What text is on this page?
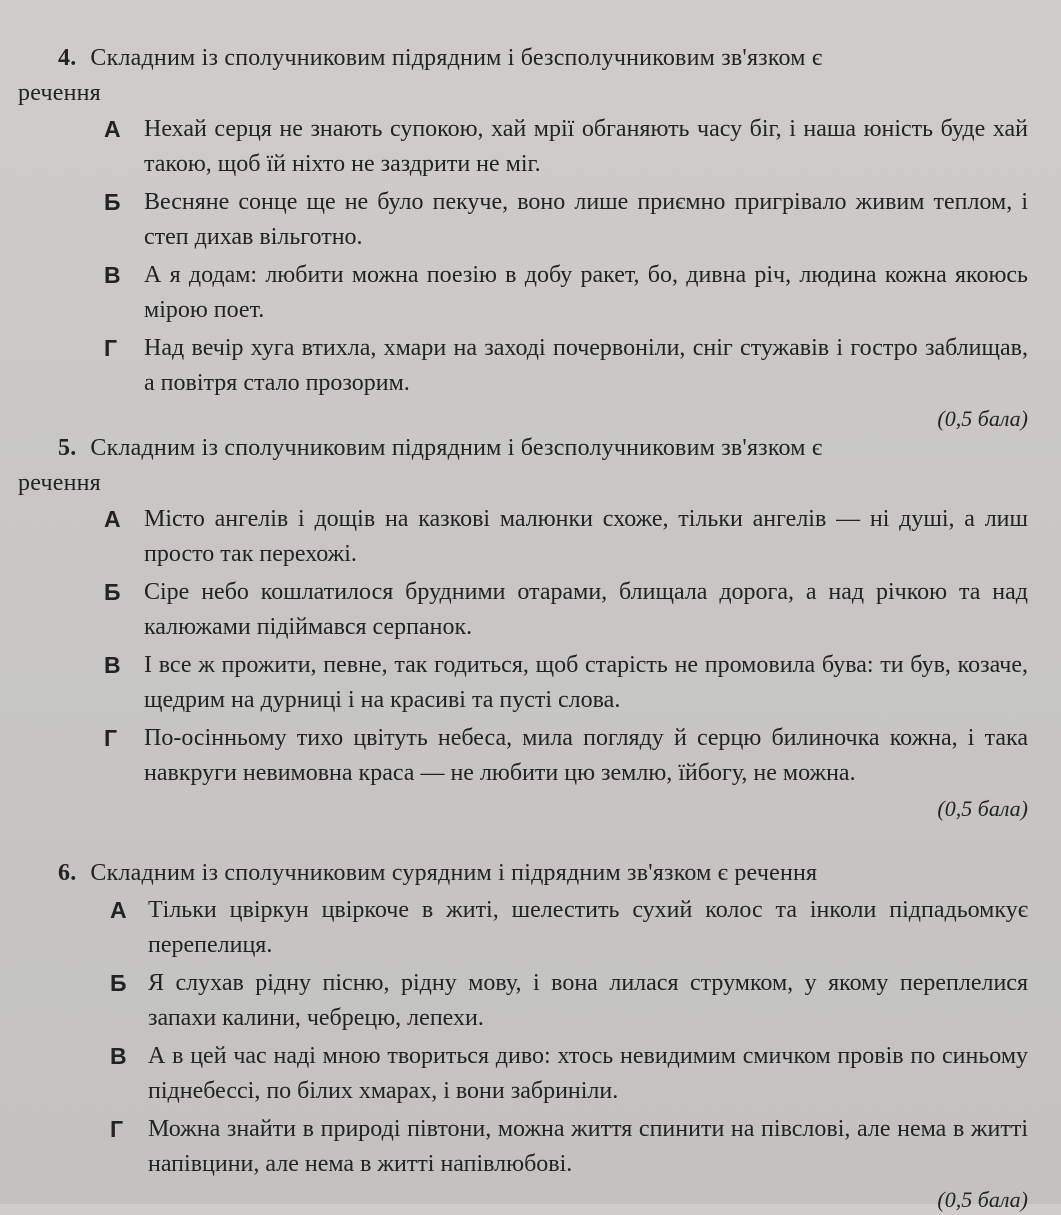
4. Складним із сполучниковим підрядним і безсполучниковим зв'язком є
речення
А Нехай серця не знають супокою, хай мрії обганяють часу біг, і наша юність буде хай такою, щоб їй ніхто не заздрити не міг.
Б Весняне сонце ще не було пекуче, воно лише приємно пригрівало живим теплом, і степ дихав вільготно.
В А я додам: любити можна поезію в добу ракет, бо, дивна річ, людина кожна якоюсь мірою поет.
Г Над вечір хуга втихла, хмари на заході почервоніли, сніг стужавів і гостро заблищав, а повітря стало прозорим.
(0,5 бала)
5. Складним із сполучниковим підрядним і безсполучниковим зв'язком є
речення
А Місто ангелів і дощів на казкові малюнки схоже, тільки ангелів — ні душі, а лиш просто так перехожі.
Б Сіре небо кошлатилося брудними отарами, блищала дорога, а над річкою та над калюжами підіймався серпанок.
В І все ж прожити, певне, так годиться, щоб старість не промовила бува: ти був, козаче, щедрим на дурниці і на красиві та пусті слова.
Г По-осінньому тихо цвітуть небеса, мила погляду й серцю билиночка кожна, і така навкруги невимовна краса — не любити цю землю, їйбогу, не можна.
(0,5 бала)
6. Складним із сполучниковим сурядним і підрядним зв'язком є речення
А Тільки цвіркун цвіркоче в житі, шелестить сухий колос та інколи підпадьомкує перепелиця.
Б Я слухав рідну пісню, рідну мову, і вона лилася струмком, у якому переплелися запахи калини, чебрецю, лепехи.
В А в цей час наді мною твориться диво: хтось невидимим смичком провів по синьому піднебессі, по білих хмарах, і вони забриніли.
Г Можна знайти в природі півтони, можна життя спинити на півслові, але нема в житті напівцини, але нема в житті напівлюбові.
(0,5 бала)
